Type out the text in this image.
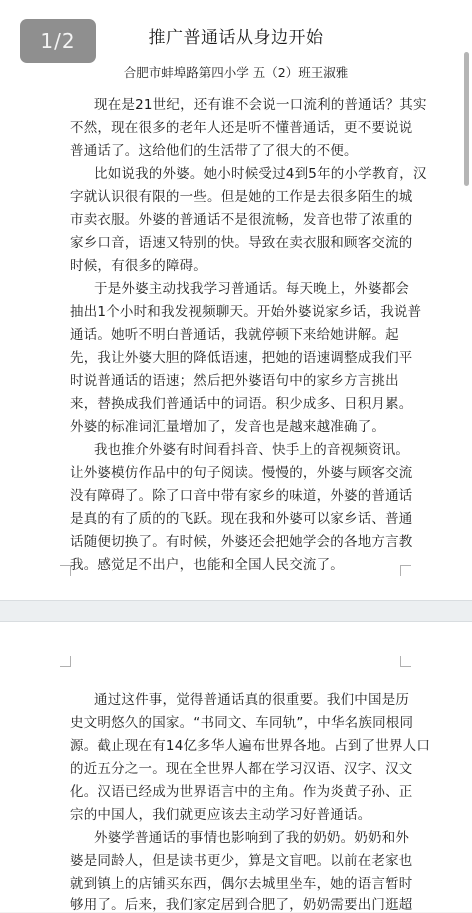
推广普通话从身边开始
合肥市蚌埠路第四小学 五（2）班王淑雅
现在是21世纪，还有谁不会说一口流利的普通话？其实
不然，现在很多的老年人还是听不懂普通话，更不要说说
普通话了。这给他们的生活带了了很大的不便。
比如说我的外婆。她小时候受过4到5年的小学教育，汉
字就认识很有限的一些。但是她的工作是去很多陌生的城
市卖衣服。外婆的普通话不是很流畅，发音也带了浓重的
家乡口音，语速又特别的快。导致在卖衣服和顾客交流的
时候，有很多的障碍。
于是外婆主动找我学习普通话。每天晚上，外婆都会
抽出1个小时和我发视频聊天。开始外婆说家乡话，我说普
通话。她听不明白普通话，我就停顿下来给她讲解。起
先，我让外婆大胆的降低语速，把她的语速调整成我们平
时说普通话的语速；然后把外婆语句中的家乡方言挑出
来，替换成我们普通话中的词语。积少成多、日积月累。
外婆的标准词汇量增加了，发音也是越来越准确了。
我也推介外婆有时间看抖音、快手上的音视频资讯。
让外婆模仿作品中的句子阅读。慢慢的，外婆与顾客交流
没有障碍了。除了口音中带有家乡的味道，外婆的普通话
是真的有了质的的飞跃。现在我和外婆可以家乡话、普通
话随便切换了。有时候，外婆还会把她学会的各地方言教
我。感觉足不出户，也能和全国人民交流了。
通过这件事，觉得普通话真的很重要。我们中国是历
史文明悠久的国家。“书同文、车同轨”，中华名族同根同
源。截止现在有14亿多华人遍布世界各地。占到了世界人口
的近五分之一。现在全世界人都在学习汉语、汉字、汉文
化。汉语已经成为世界语言中的主角。作为炎黄子孙、正
宗的中国人，我们就更应该去主动学习好普通话。
外婆学普通话的事情也影响到了我的奶奶。奶奶和外
婆是同龄人，但是读书更少，算是文盲吧。以前在老家也
就到镇上的店铺买东西，偶尔去城里坐车，她的语言暂时
够用了。后来，我们家定居到合肥了，奶奶需要出门逛超
1/2
